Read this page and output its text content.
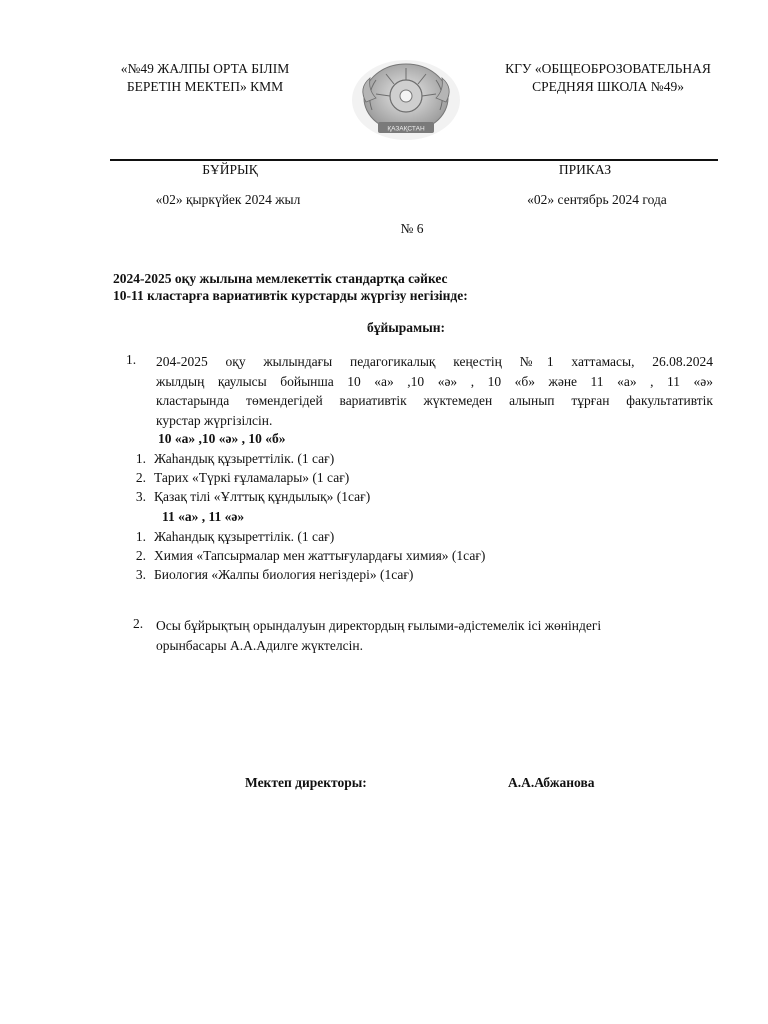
«№49 ЖАЛПЫ ОРТА БІЛІМ
БЕРЕТІН МЕКТЕП» КММ
ҚАЗАҚСТАН
КГУ «ОБЩЕОБРОЗОВАТЕЛЬНАЯ
СРЕДНЯЯ ШКОЛА №49»
БҰЙРЫҚ	ПРИКАЗ
«02» қыркүйек 2024 жыл	«02» сентябрь 2024 года
№ 6
2024-2025 оқу жылына мемлекеттік стандартқа сәйкес
10-11 кластарға вариативтік курстарды жүргізу негізінде:
бұйырамын:
1. 204-2025 оқу жылындағы педагогикалық кеңестің №1 хаттамасы, 26.08.2024
жылдың қаулысы бойынша 10 «а» ,10 «ә» , 10 «б» және 11 «а» , 11 «ә»
кластарында төмендегідей вариативтік жүктемеден алынып тұрған факультативтік
курстар жүргізілсін.
10 «а» ,10 «ә» , 10 «б»
1. Жаһандық құзыреттілік. (1 сағ)
2. Тарих «Түркі ғұламалары» (1 сағ)
3. Қазақ тілі «Ұлттық құндылық» (1сағ)
11 «а» , 11 «ә»
1. Жаһандық құзыреттілік. (1 сағ)
2. Химия «Тапсырмалар мен жаттығулардағы химия» (1сағ)
3. Биология «Жалпы биология негіздері» (1сағ)
2. Осы бұйрықтың орындалуын директордың ғылыми-әдістемелік ісі жөніндегі
орынбасары А.А.Адилге жүктелсін.
Мектеп директоры:	А.А.Абжанова
